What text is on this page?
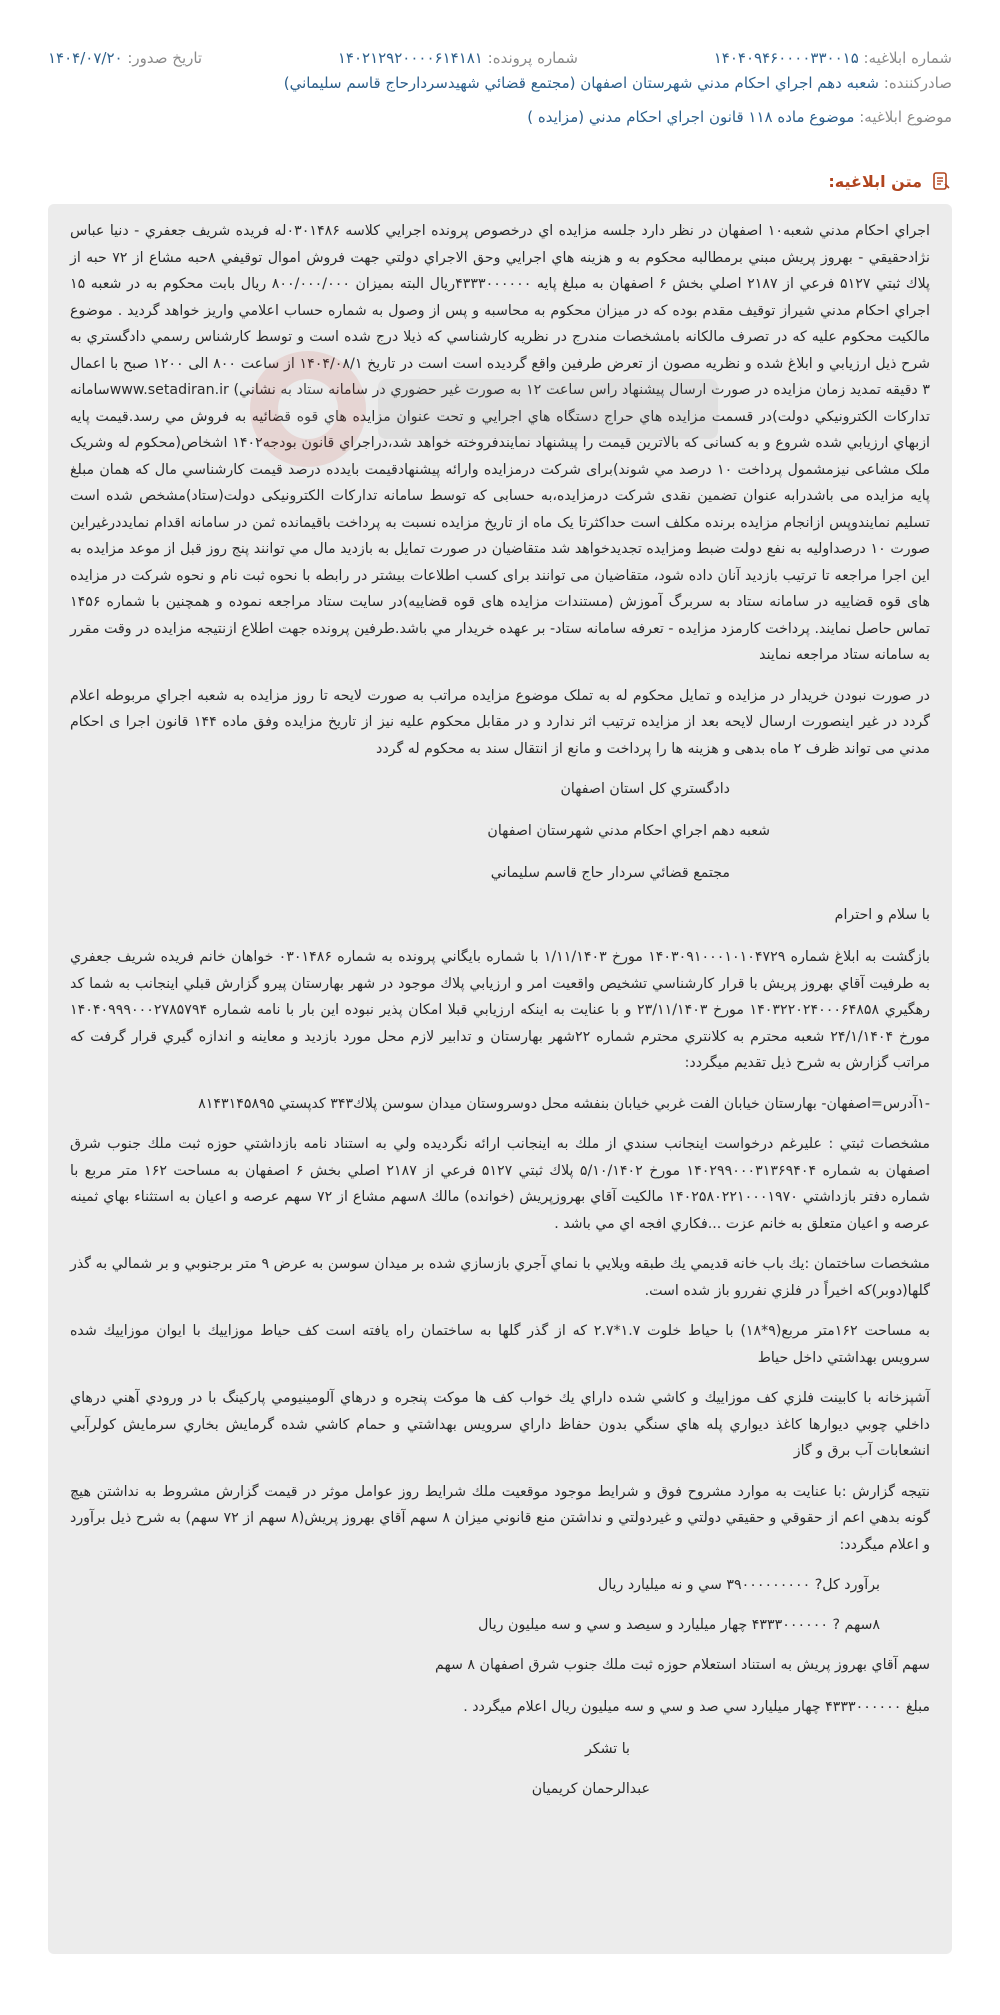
شماره ابلاغیه: ۱۴۰۴۰۹۴۶۰۰۰۰۳۳۰۰۱۵
شماره پرونده: ۱۴۰۲۱۲۹۲۰۰۰۰۶۱۴۱۸۱
تاریخ صدور: ۱۴۰۴/۰۷/۲۰
صادرکننده: شعبه دهم اجراي احكام مدني شهرستان اصفهان (مجتمع قضائي شهيدسردارحاج قاسم سليماني)
موضوع ابلاغیه: موضوع ماده ۱۱۸ قانون اجراي احكام مدني (مزايده )
متن ابلاغیه:

اجراي احكام مدني شعبه۱۰ اصفهان در نظر دارد جلسه مزايده اي درخصوص پرونده اجرايي كلاسه ۰۳۰۱۴۸۶له فريده شريف جعفري - دنيا عباس نژادحقيقي - بهروز پريش مبني برمطالبه محكوم به و هزينه هاي اجرايي وحق الاجراي دولتي جهت فروش اموال توقيفي ۸حبه مشاع از ۷۲ حبه از پلاك ثبتي ۵۱۲۷ فرعي از ۲۱۸۷ اصلي بخش ۶ اصفهان به مبلغ پايه ۴۳۳۳۰۰۰۰۰۰ريال البته بميزان ۸۰۰/۰۰۰/۰۰۰ ريال بابت محكوم به در شعبه ۱۵ اجراي احكام مدني شيراز توقيف مقدم بوده كه در ميزان محكوم به محاسبه و پس از وصول به شماره حساب اعلامي واريز خواهد گرديد . موضوع مالكيت محكوم عليه كه در تصرف مالكانه بامشخصات مندرج در نظريه كارشناسي كه ذيلا درج شده است و توسط كارشناس رسمي دادگستري به شرح ذيل ارزيابي و ابلاغ شده و نظريه مصون از تعرض طرفين واقع گرديده است است در تاريخ ۱۴۰۴/۰۸/۱ از ساعت ۸۰۰ الی ۱۲۰۰ صبح با اعمال ۳ دقيقه تمديد زمان مزايده در صورت ارسال پيشنهاد راس ساعت ۱۲ به صورت غير حضوري در سامانه ستاد به نشاني) www.setadiran.irسامانه تداركات الكترونيكي دولت)در قسمت مزايده هاي حراج دستگاه هاي اجرايي و تحت عنوان مزايده هاي قوه قضائيه به فروش مي رسد.قيمت پايه ازبهاي ارزيابي شده شروع و به كسانی كه بالاترين قيمت را پيشنهاد نمايندفروخته خواهد شد،دراجراي قانون بودجه۱۴۰۲ اشخاص(محكوم له وشريک ملک مشاعی نيزمشمول پرداخت ۱۰ درصد مي شوند)برای شركت درمزايده وارائه پيشنهادقيمت بايدده درصد قيمت كارشناسي مال كه همان مبلغ پايه مزايده می باشدرابه عنوان تضمين نقدی شركت درمزايده،به حسابی كه توسط سامانه تداركات الكترونيكی دولت(ستاد)مشخص شده است تسليم نمايندوپس ازانجام مزايده برنده مكلف است حداكثرتا يک ماه از تاريخ مزايده نسبت به پرداخت باقيمانده ثمن در سامانه اقدام نمايددرغيراين صورت ۱۰ درصداوليه به نفع دولت ضبط ومزايده تجديدخواهد شد متقاضيان در صورت تمايل به بازديد مال مي توانند پنج روز قبل از موعد مزايده به اين اجرا مراجعه تا ترتيب بازديد آنان داده شود، متقاضيان می توانند برای كسب اطلاعات بيشتر در رابطه با نحوه ثبت نام و نحوه شركت در مزايده های قوه قضاييه در سامانه ستاد به سربرگ آموزش (مستندات مزايده های قوه قضاييه)در سايت ستاد مراجعه نموده و همچنين با شماره ۱۴۵۶ تماس حاصل نمايند. پرداخت كارمزد مزايده - تعرفه سامانه ستاد- بر عهده خريدار مي باشد.طرفين پرونده جهت اطلاع ازنتيجه مزايده در وقت مقرر به سامانه ستاد مراجعه نمايند

در صورت نبودن خريدار در مزايده و تمايل محكوم له به تملک موضوع مزايده مراتب به صورت لايحه تا روز مزايده به شعبه اجراي مربوطه اعلام گردد در غير اينصورت ارسال لايحه بعد از مزايده ترتيب اثر ندارد و در مقابل محكوم عليه نيز از تاريخ مزايده وفق ماده ۱۴۴ قانون اجرا ی احكام مدني می تواند ظرف ۲ ماه بدهی و هزينه ها را پرداخت و مانع از انتقال سند به محكوم له گردد

دادگستري كل استان اصفهان
شعبه دهم اجراي احكام مدني شهرستان اصفهان
مجتمع قضائي سردار حاج قاسم سليماني
با سلام و احترام

بازگشت به ابلاغ شماره ۱۴۰۳۰۹۱۰۰۰۱۰۱۰۴۷۲۹ مورخ ۱/۱۱/۱۴۰۳ با شماره بايگاني پرونده به شماره ۰۳۰۱۴۸۶ خواهان خانم فريده شريف جعفري به طرفيت آقاي بهروز پريش با قرار كارشناسي تشخيص واقعيت امر و ارزيابي پلاك موجود در شهر بهارستان پيرو گزارش قبلي اينجانب به شما كد رهگيري ۱۴۰۳۲۲۰۲۴۰۰۰۶۴۸۵۸ مورخ ۲۳/۱۱/۱۴۰۳ و با عنايت به اينكه ارزيابي قبلا امكان پذير نبوده اين بار با نامه شماره ۱۴۰۴۰۹۹۹۰۰۰۲۷۸۵۷۹۴ مورخ ۲۴/۱/۱۴۰۴ شعبه محترم به كلانتري محترم شماره ۲۲شهر بهارستان و تدابير لازم محل مورد بازديد و معاينه و اندازه گيري قرار گرفت كه مراتب گزارش به شرح ذيل تقديم ميگردد:

-۱آدرس=اصفهان- بهارستان خيابان الفت غربي خيابان بنفشه محل دوسروستان ميدان سوسن پلاك۳۴۳ كدپستي ۸۱۴۳۱۴۵۸۹۵

مشخصات ثبتي : عليرغم درخواست اينجانب سندي از ملك به اينجانب ارائه نگرديده ولي به استناد نامه بازداشتي حوزه ثبت ملك جنوب شرق اصفهان به شماره ۱۴۰۲۹۹۰۰۰۳۱۳۶۹۴۰۴ مورخ ۵/۱۰/۱۴۰۲ پلاك ثبتي ۵۱۲۷ فرعي از ۲۱۸۷ اصلي بخش ۶ اصفهان به مساحت ۱۶۲ متر مربع با شماره دفتر بازداشتي ۱۴۰۲۵۸۰۲۲۱۰۰۰۱۹۷۰ مالكيت آقاي بهروزپريش (خوانده) مالك ۸سهم مشاع از ۷۲ سهم عرصه و اعيان به استثناء بهاي ثمينه عرصه و اعيان متعلق به خانم عزت ...فكاري افجه اي مي باشد .

مشخصات ساختمان :يك باب خانه قديمي يك طبقه ويلايي با نماي آجري بازسازي شده بر ميدان سوسن به عرض ۹ متر برجنوبي و بر شمالي به گذر گلها(دوبر)كه اخيراً در فلزي نفررو باز شده است.

به مساحت ۱۶۲متر مربع(۹*۱۸) با حياط خلوت ۱.۷*۲.۷ كه از گذر گلها به ساختمان راه يافته است كف حياط موزاييك با ايوان موزاييك شده سرويس بهداشتي داخل حياط

آشپزخانه با كابينت فلزي كف موزاييك و كاشي شده داراي يك خواب كف ها موكت پنجره و درهاي آلومينيومي پاركينگ با در ورودي آهني درهاي داخلي چوبي ديوارها كاغذ ديواري پله هاي سنگي بدون حفاظ داراي سرويس بهداشتي و حمام كاشي شده گرمايش بخاري سرمايش كولرآبي انشعابات آب برق و گاز

نتيجه گزارش :با عنايت به موارد مشروح فوق و شرايط موجود موقعيت ملك شرايط روز عوامل موثر در قيمت گزارش مشروط به نداشتن هيچ گونه بدهي اعم از حقوقي و حقيقي دولتي و غيردولتي و نداشتن منع قانوني ميزان ۸ سهم آقاي بهروز پريش(۸ سهم از ۷۲ سهم) به شرح ذيل برآورد و اعلام ميگردد:

برآورد كل? ۳۹۰۰۰۰۰۰۰۰۰ سي و نه ميليارد ريال
۸سهم ? ۴۳۳۳۰۰۰۰۰۰ چهار ميليارد و سيصد و سي و سه ميليون ريال
سهم آقاي بهروز پريش به استناد استعلام حوزه ثبت ملك جنوب شرق اصفهان ۸ سهم
مبلغ ۴۳۳۳۰۰۰۰۰۰ چهار ميليارد سي صد و سي و سه ميليون ريال اعلام ميگردد .
با تشكر
عبدالرحمان كريميان
